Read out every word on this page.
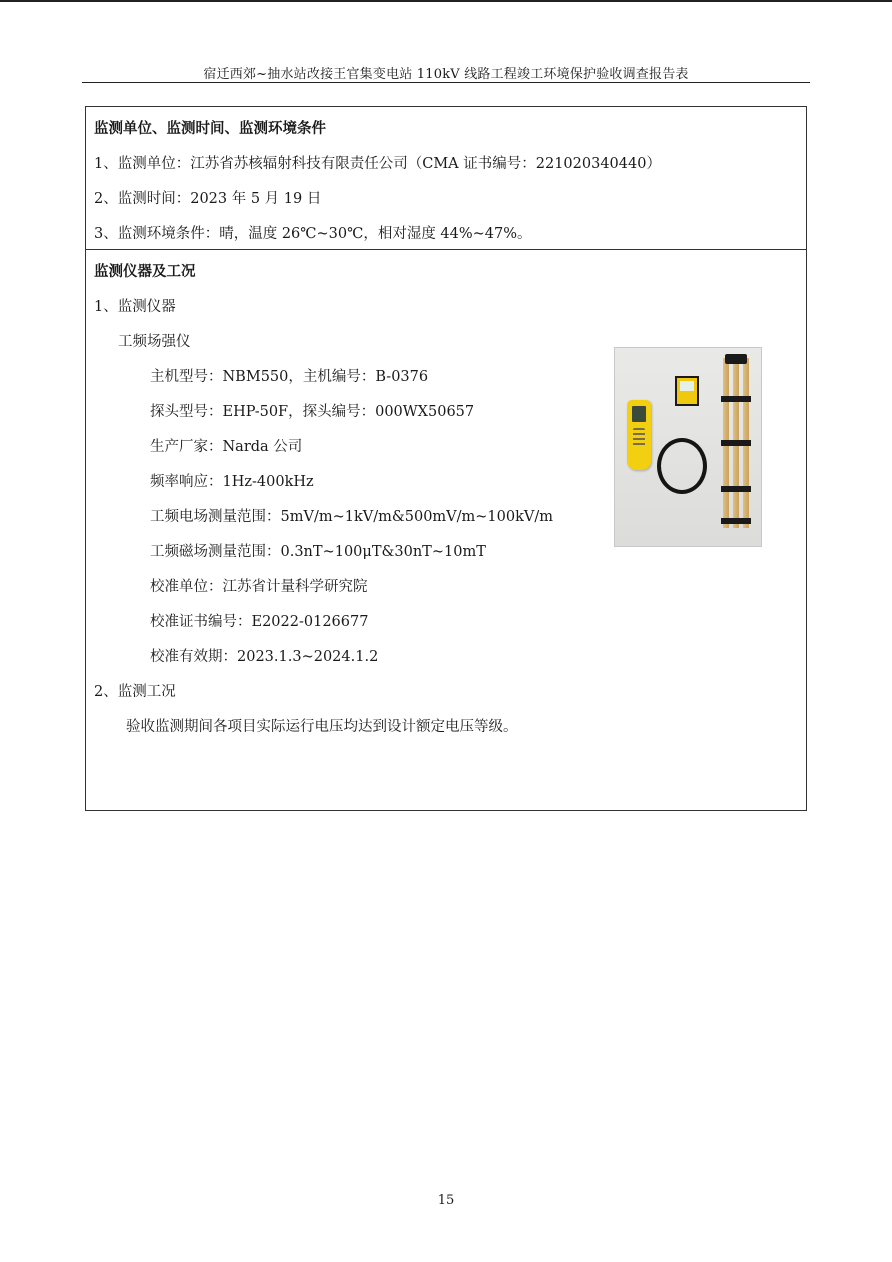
宿迁西郊~抽水站改接王官集变电站 110kV 线路工程竣工环境保护验收调查报告表
监测单位、监测时间、监测环境条件
1、监测单位：江苏省苏核辐射科技有限责任公司（CMA 证书编号：221020340440）
2、监测时间：2023 年 5 月 19 日
3、监测环境条件：晴，温度 26℃~30℃，相对湿度 44%~47%。
监测仪器及工况
1、监测仪器
工频场强仪
主机型号：NBM550，主机编号：B-0376
探头型号：EHP-50F，探头编号：000WX50657
生产厂家：Narda 公司
频率响应：1Hz-400kHz
工频电场测量范围：5mV/m~1kV/m&500mV/m~100kV/m
工频磁场测量范围：0.3nT~100μT&30nT~10mT
校准单位：江苏省计量科学研究院
校准证书编号：E2022-0126677
校准有效期：2023.1.3~2024.1.2
2、监测工况
验收监测期间各项目实际运行电压均达到设计额定电压等级。
15
